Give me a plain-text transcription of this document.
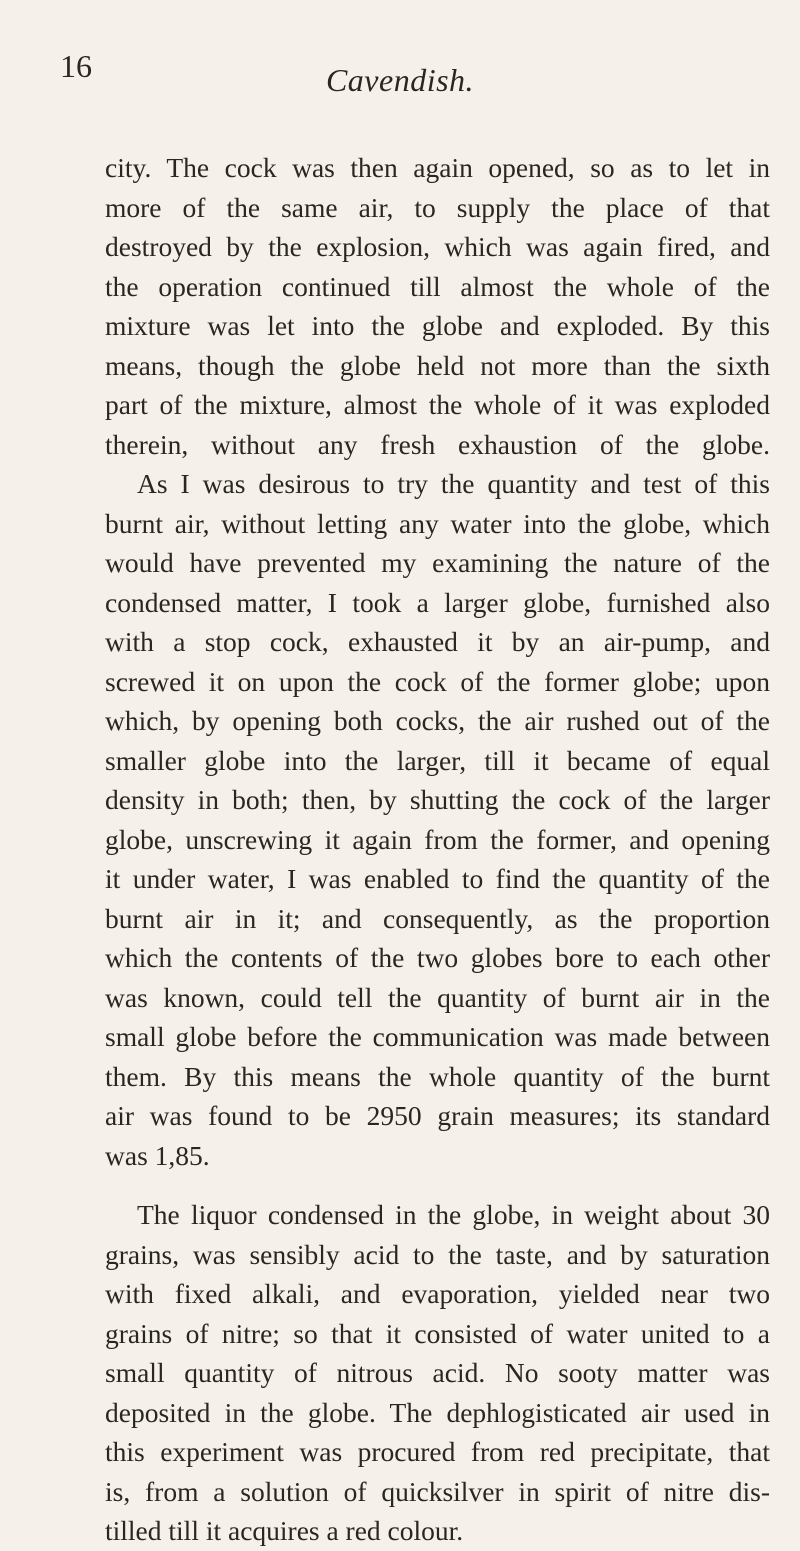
16	Cavendish.
city. The cock was then again opened, so as to let in
more of the same air, to supply the place of that
destroyed by the explosion, which was again fired, and
the operation continued till almost the whole of the
mixture was let into the globe and exploded. By this
means, though the globe held not more than the sixth
part of the mixture, almost the whole of it was exploded
therein, without any fresh exhaustion of the globe.
As I was desirous to try the quantity and test of this
burnt air, without letting any water into the globe, which
would have prevented my examining the nature of the
condensed matter, I took a larger globe, furnished also
with a stop cock, exhausted it by an air-pump, and
screwed it on upon the cock of the former globe; upon
which, by opening both cocks, the air rushed out of the
smaller globe into the larger, till it became of equal
density in both; then, by shutting the cock of the larger
globe, unscrewing it again from the former, and opening
it under water, I was enabled to find the quantity of the
burnt air in it; and consequently, as the proportion
which the contents of the two globes bore to each other
was known, could tell the quantity of burnt air in the
small globe before the communication was made between
them. By this means the whole quantity of the burnt
air was found to be 2950 grain measures; its standard
was 1,85.
The liquor condensed in the globe, in weight about 30
grains, was sensibly acid to the taste, and by saturation
with fixed alkali, and evaporation, yielded near two
grains of nitre; so that it consisted of water united to a
small quantity of nitrous acid. No sooty matter was
deposited in the globe. The dephlogisticated air used in
this experiment was procured from red precipitate, that
is, from a solution of quicksilver in spirit of nitre dis-
tilled till it acquires a red colour.
